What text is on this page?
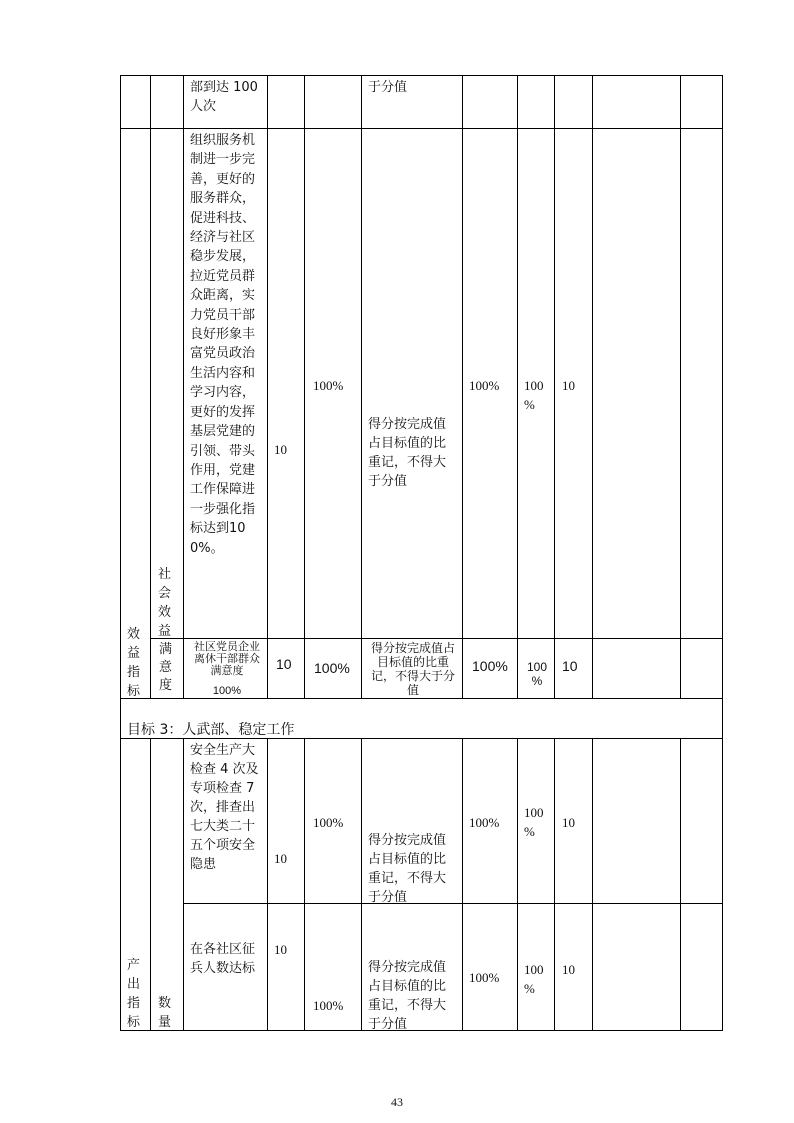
部到达 100 人次
于分值
组织服务机制进一步完善，更好的服务群众，促进科技、经济与社区稳步发展，拉近党员群众距离，实力党员干部良好形象丰富党员政治生活内容和学习内容，更好的发挥基层党建的引领、带头作用，党建工作保障进一步强化指标达到100%。
10
100%
得分按完成值占目标值的比重记，不得大于分值
100% 100 %
10
社会效益
效益指标
满意度
社区党员企业离休干部群众满意度
100%
10 100%
得分按完成值占目标值的比重记，不得大于分值
100% 100 %
10
目标 3：人武部、稳定工作
安全生产大检查 4 次及专项检查 7 次，排查出七大类二十五个项安全隐患	10
100%
得分按完成值占目标值的比重记，不得大于分值
100%
100 %
10
在各社区征兵人数达标
10
100%
得分按完成值占目标值的比重记，不得大于分值
100%
100 %
10
产出指标
数量
43
